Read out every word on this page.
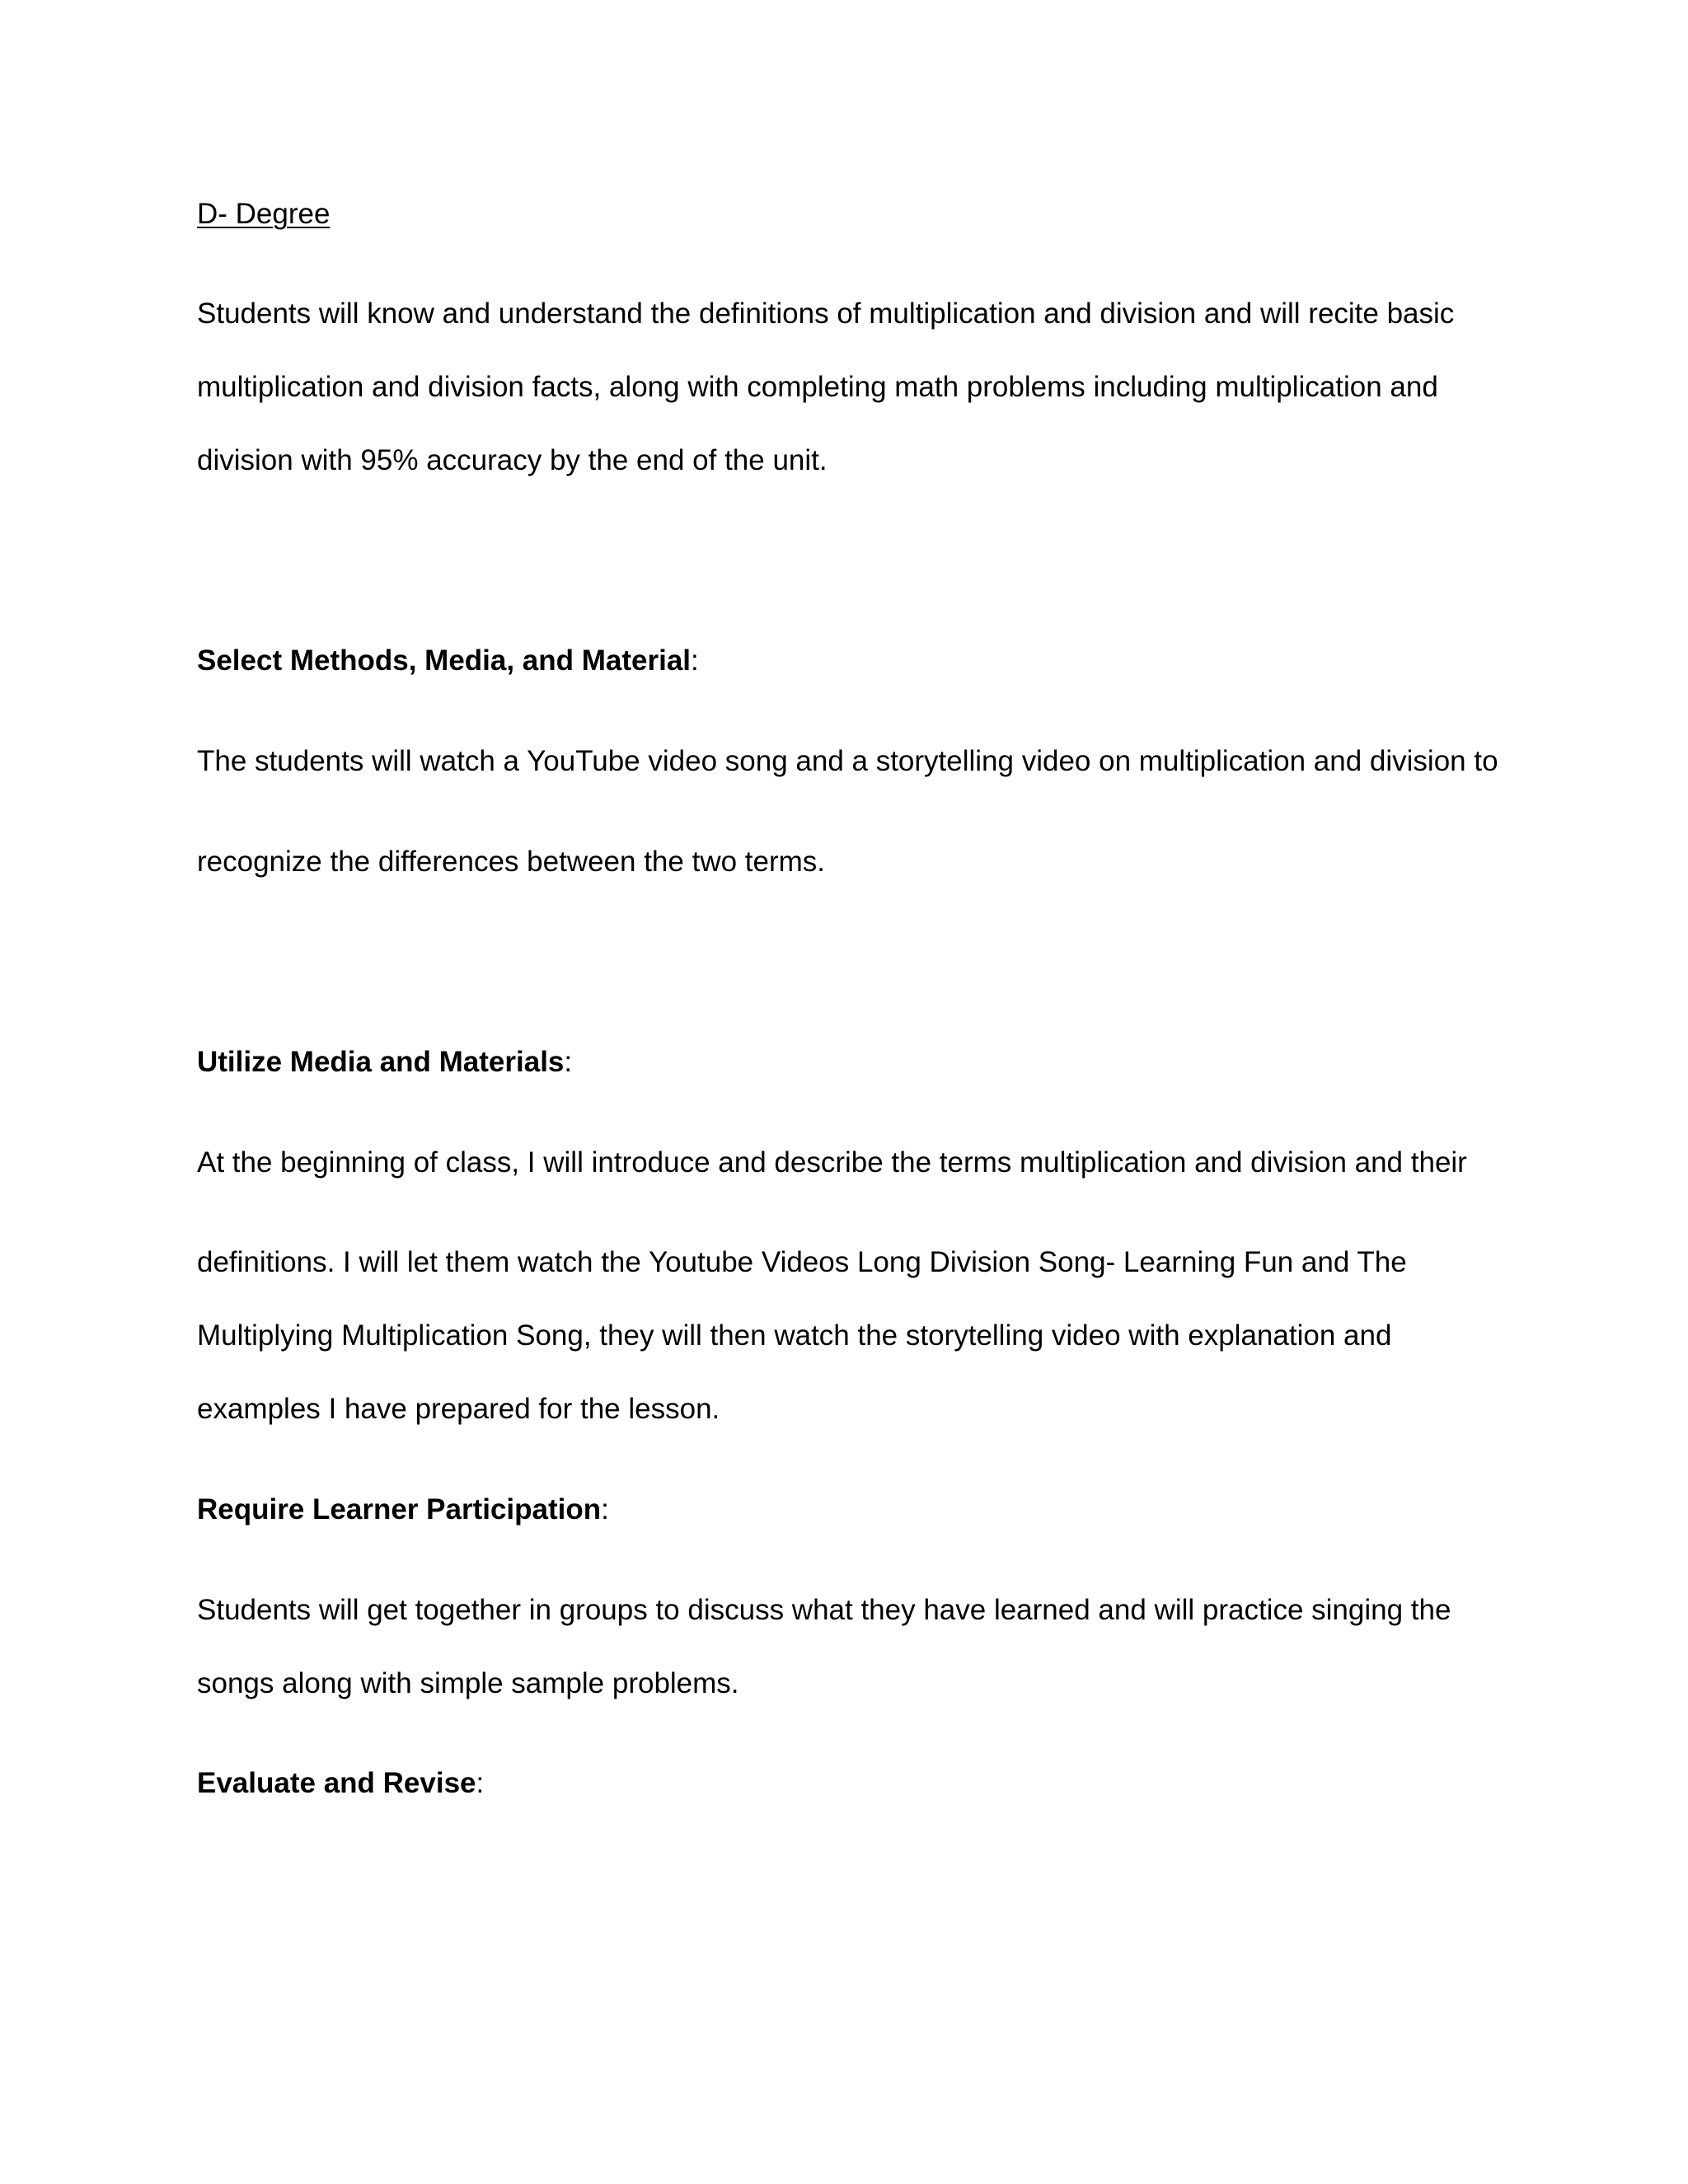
D- Degree
Students will know and understand the definitions of multiplication and division and will recite basic
multiplication and division facts, along with completing math problems including multiplication and
division with 95% accuracy by the end of the unit.
Select Methods, Media, and Material:
The students will watch a YouTube video song and a storytelling video on multiplication and division to
recognize the differences between the two terms.
Utilize Media and Materials:
At the beginning of class, I will introduce and describe the terms multiplication and division and their
definitions. I will let them watch the Youtube Videos Long Division Song- Learning Fun and The
Multiplying Multiplication Song, they will then watch the storytelling video with explanation and
examples I have prepared for the lesson.
Require Learner Participation:
Students will get together in groups to discuss what they have learned and will practice singing the
songs along with simple sample problems.
Evaluate and Revise:
